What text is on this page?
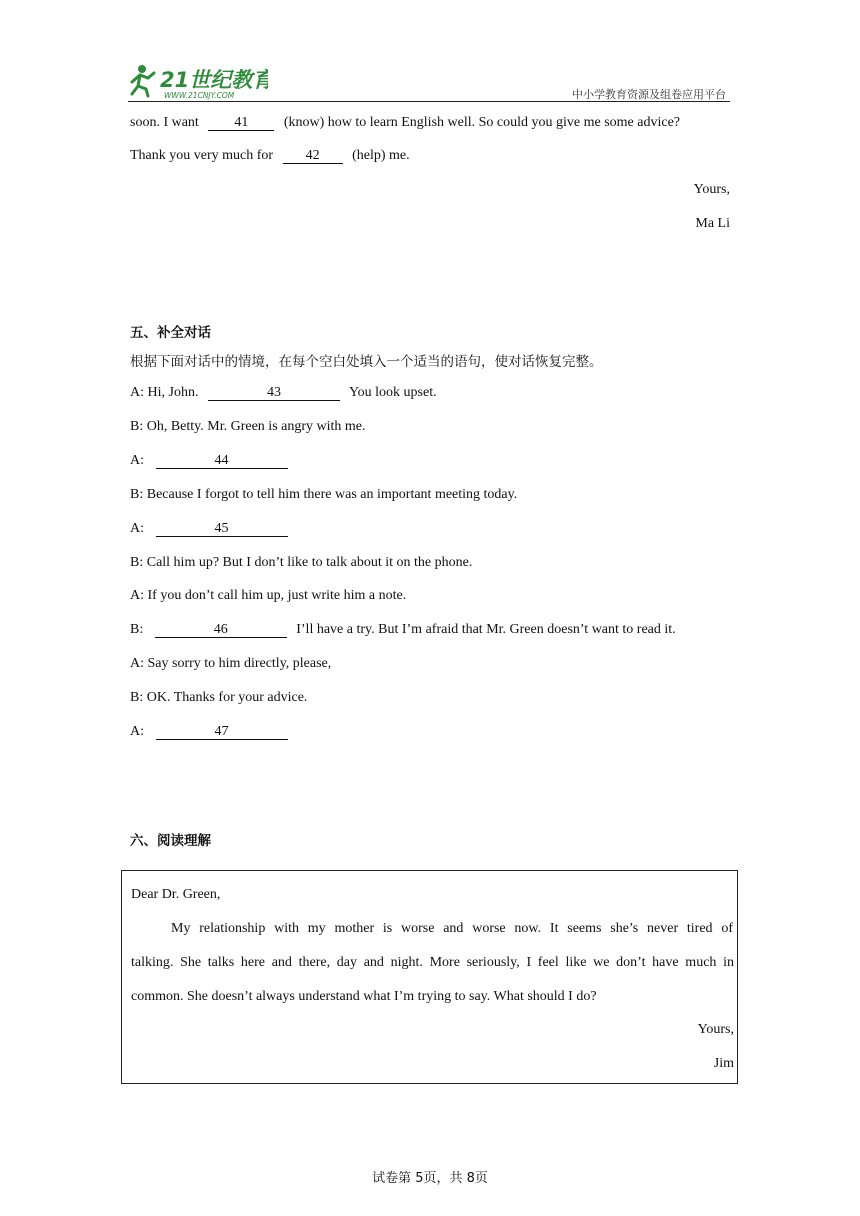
21世纪教育
WWW.21CNJY.COM	中小学教育资源及组卷应用平台
soon. I want	41	(know) how to learn English well. So could you give me some advice?
Thank you very much for 42 (help) me.
Yours,
Ma Li
五、补全对话
根据下面对话中的情境，在每个空白处填入一个适当的语句，使对话恢复完整。
A: Hi, John.	43	You look upset.
B: Oh, Betty. Mr. Green is angry with me.
A:	44
B: Because I forgot to tell him there was an important meeting today.
A:	45
B: Call him up? But I don’t like to talk about it on the phone.
A: If you don’t call him up, just write him a note.
B:	46	I’ll have a try. But I’m afraid that Mr. Green doesn’t want to read it.
A: Say sorry to him directly, please,
B: OK. Thanks for your advice.
A:	47
六、阅读理解
Dear Dr. Green,
My relationship with my mother is worse and worse now. It seems she’s never tired of
talking. She talks here and there, day and night. More seriously, I feel like we don’t have much in
common. She doesn’t always understand what I’m trying to say. What should I do?
Yours,
Jim
试卷第 5页，共 8页
